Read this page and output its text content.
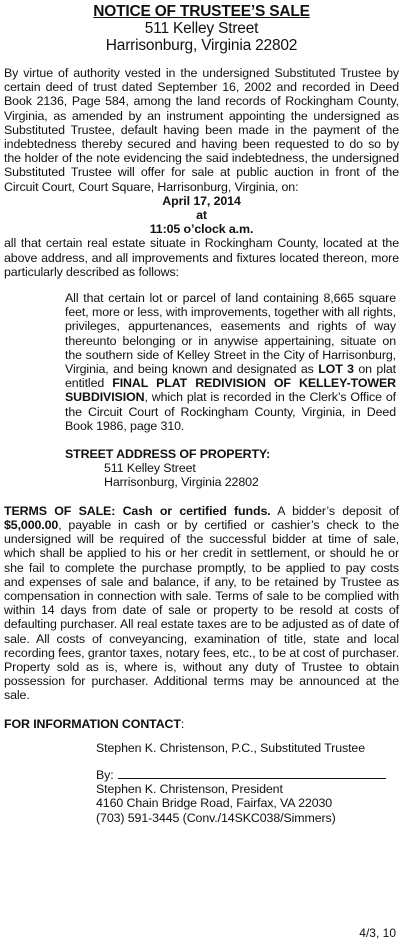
NOTICE OF TRUSTEE’S SALE
511 Kelley Street
Harrisonburg, Virginia 22802

By virtue of authority vested in the undersigned Substituted Trustee by certain deed of trust dated September 16, 2002 and recorded in Deed Book 2136, Page 584, among the land records of Rockingham County, Virginia, as amended by an instrument appointing the undersigned as Substituted Trustee, default having been made in the payment of the indebtedness thereby secured and having been requested to do so by the holder of the note evidencing the said indebtedness, the undersigned Substituted Trustee will offer for sale at public auction in front of the Circuit Court, Court Square, Harrisonburg, Virginia, on:

April 17, 2014
at
11:05 o’clock a.m.

all that certain real estate situate in Rockingham County, located at the above address, and all improvements and fixtures located thereon, more particularly described as follows:

All that certain lot or parcel of land containing 8,665 square feet, more or less, with improvements, together with all rights, privileges, appurtenances, easements and rights of way thereunto belonging or in anywise appertaining, situate on the southern side of Kelley Street in the City of Harrisonburg, Virginia, and being known and designated as LOT 3 on plat entitled FINAL PLAT REDIVISION OF KELLEY-TOWER SUBDIVISION, which plat is recorded in the Clerk’s Office of the Circuit Court of Rockingham County, Virginia, in Deed Book 1986, page 310.

STREET ADDRESS OF PROPERTY:
511 Kelley Street
Harrisonburg, Virginia 22802

TERMS OF SALE: Cash or certified funds. A bidder’s deposit of $5,000.00, payable in cash or by certified or cashier’s check to the undersigned will be required of the successful bidder at time of sale, which shall be applied to his or her credit in settlement, or should he or she fail to complete the purchase promptly, to be applied to pay costs and expenses of sale and balance, if any, to be retained by Trustee as compensation in connection with sale. Terms of sale to be complied with within 14 days from date of sale or property to be resold at costs of defaulting purchaser. All real estate taxes are to be adjusted as of date of sale. All costs of conveyancing, examination of title, state and local recording fees, grantor taxes, notary fees, etc., to be at cost of purchaser. Property sold as is, where is, without any duty of Trustee to obtain possession for purchaser. Additional terms may be announced at the sale.

FOR INFORMATION CONTACT:
Stephen K. Christenson, P.C., Substituted Trustee
By:
Stephen K. Christenson, President
4160 Chain Bridge Road, Fairfax, VA 22030
(703) 591-3445 (Conv./14SKC038/Simmers)
4/3, 10
